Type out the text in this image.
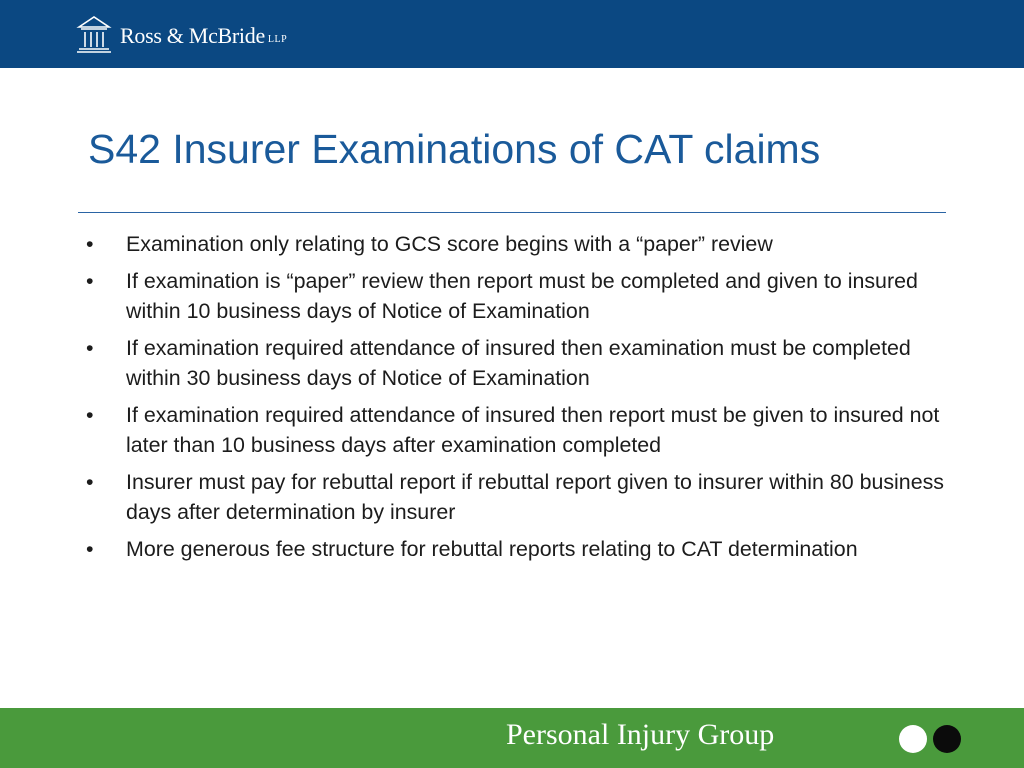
Ross & McBride LLP
S42 Insurer Examinations of CAT claims
• Examination only relating to GCS score begins with a “paper” review
• If examination is “paper” review then report must be completed and given to insured within 10 business days of Notice of Examination
• If examination required attendance of insured then examination must be completed within 30 business days of Notice of Examination
• If examination required attendance of insured then report must be given to insured not later than 10 business days after examination completed
• Insurer must pay for rebuttal report if rebuttal report given to insurer within 80 business days after determination by insurer
• More generous fee structure for rebuttal reports relating to CAT determination
Personal Injury Group
